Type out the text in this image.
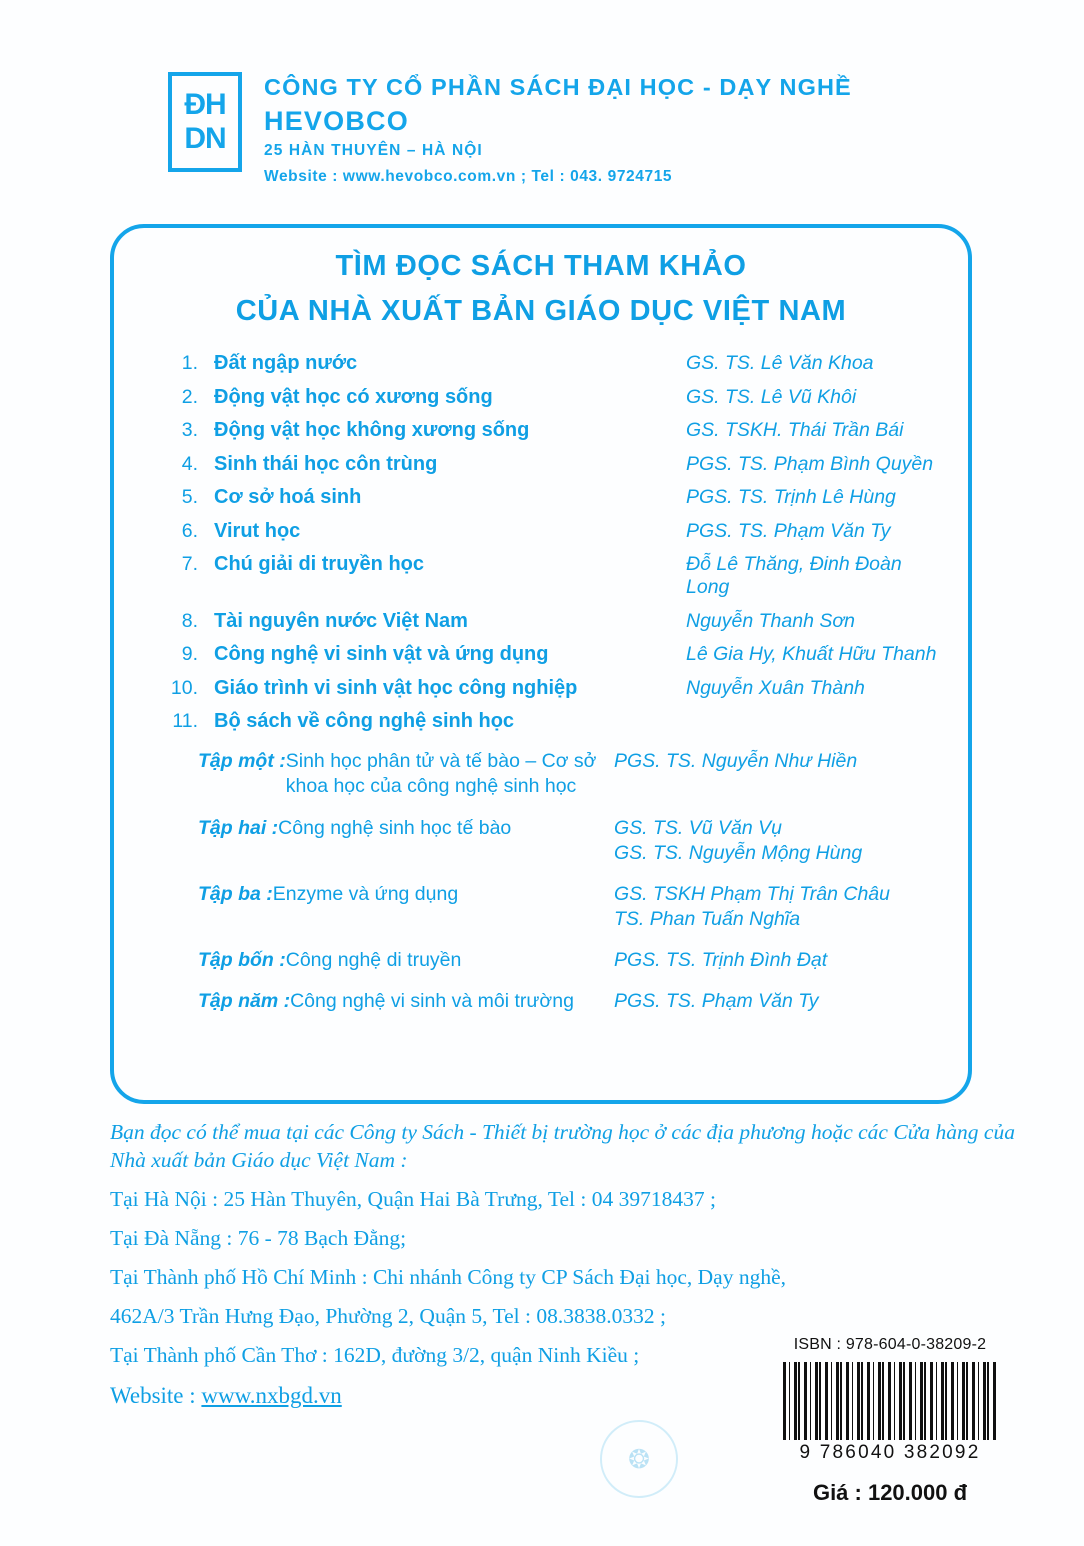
ĐH
DN
CÔNG TY CỔ PHẦN SÁCH ĐẠI HỌC - DẠY NGHỀ
HEVOBCO
25 HÀN THUYÊN – HÀ NỘI
Website : www.hevobco.com.vn ; Tel : 043. 9724715
TÌM ĐỌC SÁCH THAM KHẢO
CỦA NHÀ XUẤT BẢN GIÁO DỤC VIỆT NAM
1. Đất ngập nước	GS. TS. Lê Văn Khoa
2. Động vật học có xương sống	GS. TS. Lê Vũ Khôi
3. Động vật học không xương sống	GS. TSKH. Thái Trần Bái
4. Sinh thái học côn trùng	PGS. TS. Phạm Bình Quyền
5. Cơ sở hoá sinh	PGS. TS. Trịnh Lê Hùng
6. Virut học	PGS. TS. Phạm Văn Ty
7. Chú giải di truyền học	Đỗ Lê Thăng, Đinh Đoàn Long
8. Tài nguyên nước Việt Nam	Nguyễn Thanh Sơn
9. Công nghệ vi sinh vật và ứng dụng	Lê Gia Hy, Khuất Hữu Thanh
10. Giáo trình vi sinh vật học công nghiệp	Nguyễn Xuân Thành
11. Bộ sách về công nghệ sinh học
Tập một : Sinh học phân tử và tế bào – Cơ sở khoa học của công nghệ sinh học
PGS. TS. Nguyễn Như Hiền
Tập hai : Công nghệ sinh học tế bào	GS. TS. Vũ Văn Vụ
GS. TS. Nguyễn Mộng Hùng
Tập ba : Enzyme và ứng dụng	GS. TSKH Phạm Thị Trân Châu
TS. Phan Tuấn Nghĩa
Tập bốn : Công nghệ di truyền	PGS. TS. Trịnh Đình Đạt
Tập năm : Công nghệ vi sinh và môi trường PGS. TS. Phạm Văn Ty
Bạn đọc có thể mua tại các Công ty Sách - Thiết bị trường học ở các địa phương hoặc các Cửa hàng của Nhà xuất bản Giáo dục Việt Nam :
Tại Hà Nội : 25 Hàn Thuyên, Quận Hai Bà Trưng, Tel : 04 39718437 ;
Tại Đà Nẵng : 76 - 78 Bạch Đằng;
Tại Thành phố Hồ Chí Minh : Chi nhánh Công ty CP Sách Đại học, Dạy nghề,
462A/3 Trần Hưng Đạo, Phường 2, Quận 5, Tel : 08.3838.0332 ;
Tại Thành phố Cần Thơ : 162D, đường 3/2, quận Ninh Kiều ;
Website : www.nxbgd.vn
ISBN : 978-604-0-38209-2
9 786040 382092
Giá : 120.000 đ
❂
